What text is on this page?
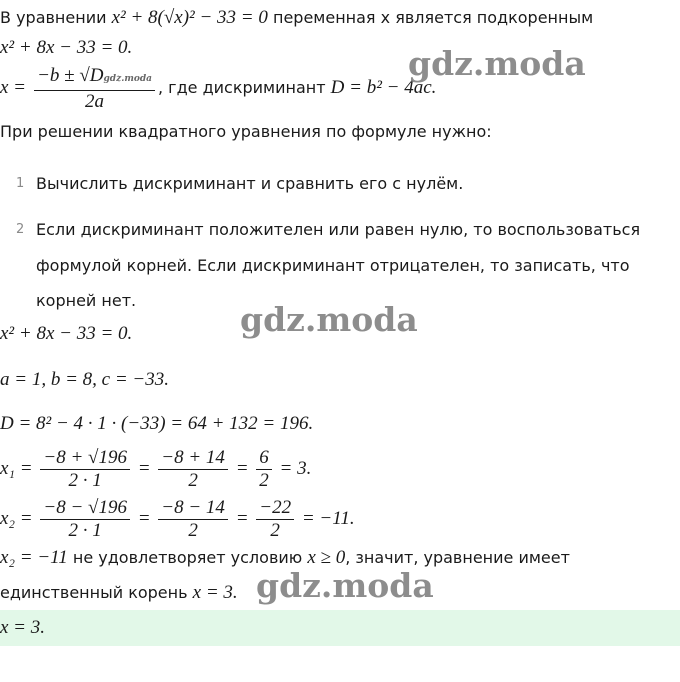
В уравнении x² + 8(√x)² − 33 = 0 переменная x является подкоренным
x² + 8x − 33 = 0.
$x = \frac{\text{−b ± √Dgdz.moda}}{2a}$ , где дискриминант D = b² − 4ac.
При решении квадратного уравнения по формуле нужно:
1 Вычислить дискриминант и сравнить его с нулём.
2 Если дискриминант положителен или равен нулю, то воспользоваться
формулой корней. Если дискриминант отрицателен, то записать, что
корней нет.
x² + 8x − 33 = 0.
a = 1, b = 8, c = −33.
D = 8² − 4 · 1 · (−33) = 64 + 132 = 196.
$x_1 = \frac{-8 + √196}{2 \cdot 1} = \frac{-8 + 14}{2} = \frac{6}{2} = 3$.
$x_2 = \frac{-8 - √196}{2 \cdot 1} = \frac{-8 - 14}{2} = \frac{-22}{2} = -11$.
x₂ = −11 не удовлетворяет условию x ≥ 0, значит, уравнение имеет
единственный корень x = 3.
x = 3.
gdz.moda
gdz.moda
gdz.moda
